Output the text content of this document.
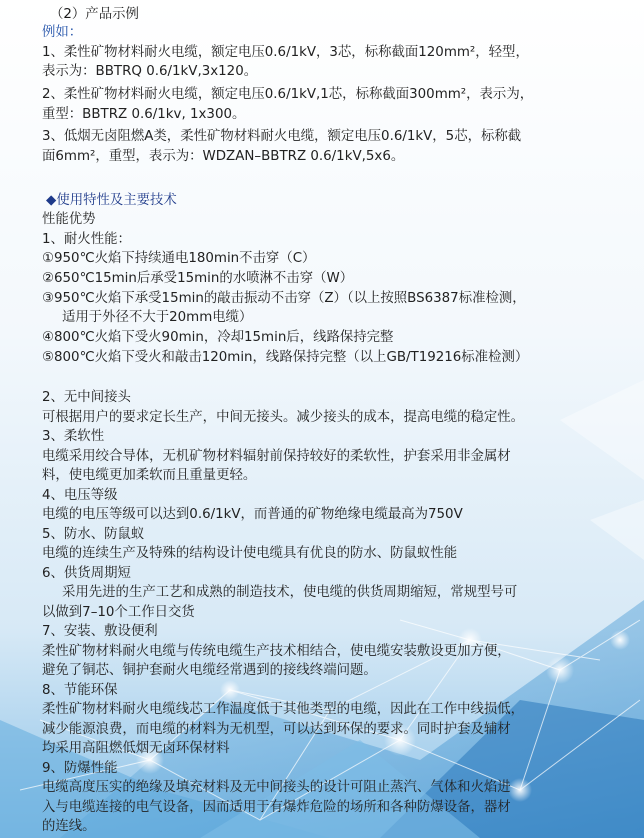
（2）产品示例
例如：
1、柔性矿物材料耐火电缆，额定电压0.6/1kV，3芯，标称截面120mm²，轻型，
表示为：BBTRQ 0.6/1kV,3x120。
2、柔性矿物材料耐火电缆，额定电压0.6/1kV,1芯，标称截面300mm²，表示为，
重型：BBTRZ 0.6/1kv, 1x300。
3、低烟无卤阻燃A类，柔性矿物材料耐火电缆，额定电压0.6/1kV，5芯，标称截
面6mm²，重型，表示为：WDZAN–BBTRZ 0.6/1kV,5x6。
◆使用特性及主要技术
性能优势
1、耐火性能：
①950℃火焰下持续通电180min不击穿（C）
②650℃15min后承受15min的水喷淋不击穿（W）
③950℃火焰下承受15min的敲击振动不击穿（Z）（以上按照BS6387标准检测，
适用于外径不大于20mm电缆）
④800℃火焰下受火90min，冷却15min后，线路保持完整
⑤800℃火焰下受火和敲击120min，线路保持完整（以上GB/T19216标准检测）
2、无中间接头
可根据用户的要求定长生产，中间无接头。减少接头的成本，提高电缆的稳定性。
3、柔软性
电缆采用绞合导体，无机矿物材料辐射前保持较好的柔软性，护套采用非金属材
料，使电缆更加柔软而且重量更轻。
4、电压等级
电缆的电压等级可以达到0.6/1kV，而普通的矿物绝缘电缆最高为750V
5、防水、防鼠蚁
电缆的连续生产及特殊的结构设计使电缆具有优良的防水、防鼠蚁性能
6、供货周期短
采用先进的生产工艺和成熟的制造技术，使电缆的供货周期缩短，常规型号可
以做到7–10个工作日交货
7、安装、敷设便利
柔性矿物材料耐火电缆与传统电缆生产技术相结合，使电缆安装敷设更加方便，
避免了铜芯、铜护套耐火电缆经常遇到的接线终端问题。
8、节能环保
柔性矿物材料耐火电缆线芯工作温度低于其他类型的电缆，因此在工作中线损低，
减少能源浪费，而电缆的材料为无机型，可以达到环保的要求。同时护套及辅材
均采用高阻燃低烟无卤环保材料
9、防爆性能
电缆高度压实的绝缘及填充材料及无中间接头的设计可阻止蒸汽、气体和火焰进
入与电缆连接的电气设备，因而适用于有爆炸危险的场所和各种防爆设备，器材
的连线。
